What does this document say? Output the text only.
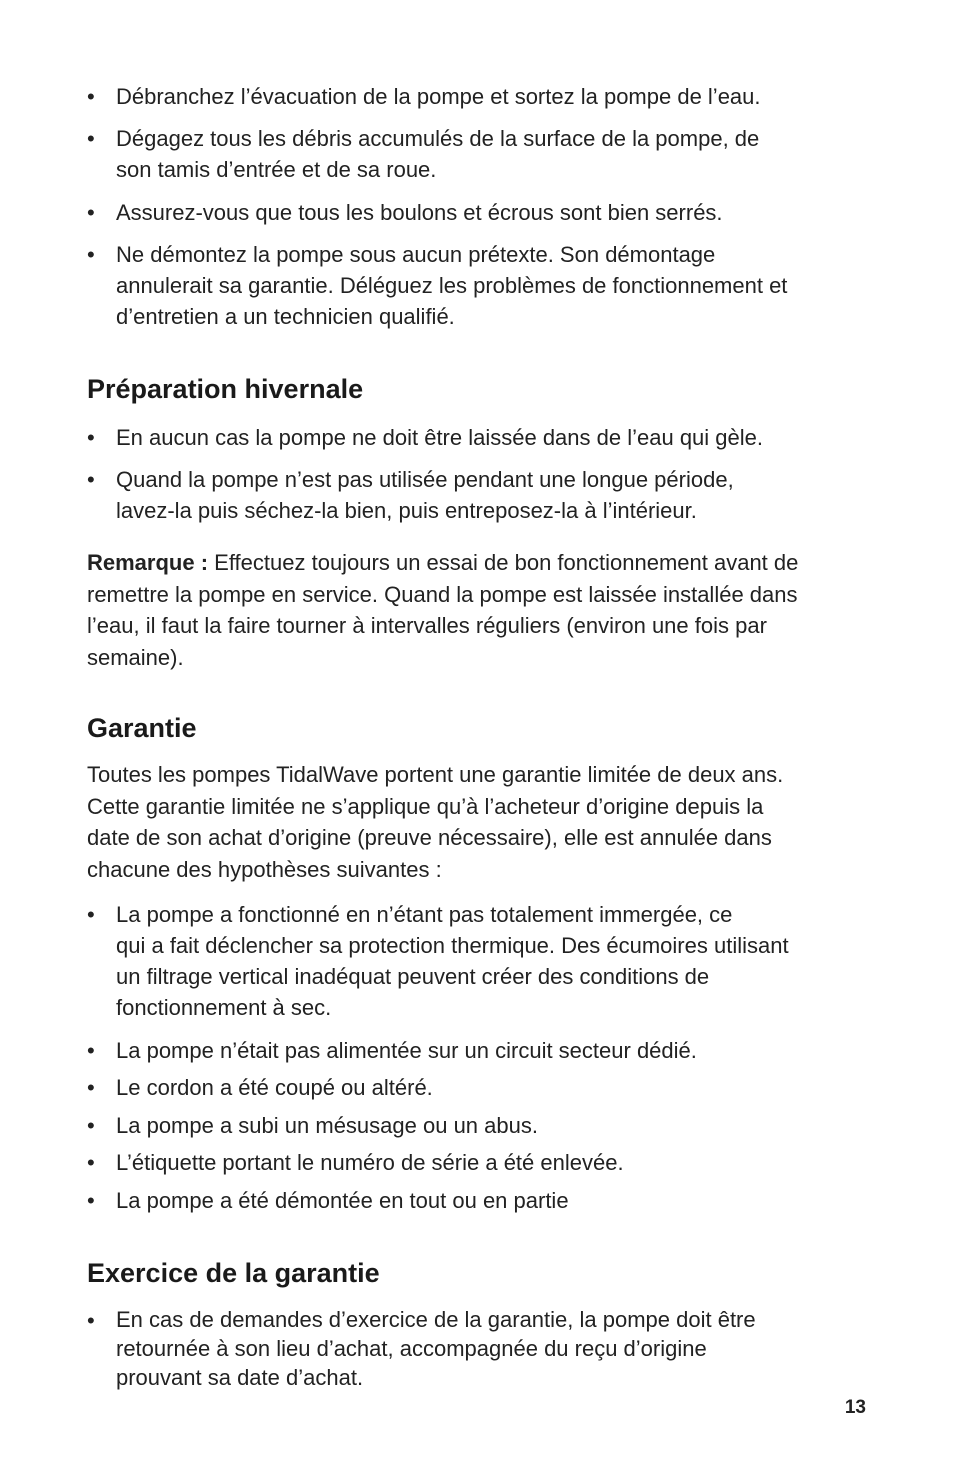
• Débranchez l’évacuation de la pompe et sortez la pompe de l’eau.
• Dégagez tous les débris accumulés de la surface de la pompe, de
son tamis d’entrée et de sa roue.
• Assurez-vous que tous les boulons et écrous sont bien serrés.
• Ne démontez la pompe sous aucun prétexte. Son démontage
annulerait sa garantie. Déléguez les problèmes de fonctionnement et
d’entretien a un technicien qualifié.
Préparation hivernale
• En aucun cas la pompe ne doit être laissée dans de l’eau qui gèle.
• Quand la pompe n’est pas utilisée pendant une longue période,
lavez-la puis séchez-la bien, puis entreposez-la à l’intérieur.
Remarque : Effectuez toujours un essai de bon fonctionnement avant de
remettre la pompe en service. Quand la pompe est laissée installée dans
l’eau, il faut la faire tourner à intervalles réguliers (environ une fois par
semaine).
Garantie
Toutes les pompes TidalWave portent une garantie limitée de deux ans.
Cette garantie limitée ne s’applique qu’à l’acheteur d’origine depuis la
date de son achat d’origine (preuve nécessaire), elle est annulée dans
chacune des hypothèses suivantes :
• La pompe a fonctionné en n’étant pas totalement immergée, ce
qui a fait déclencher sa protection thermique. Des écumoires utilisant
un filtrage vertical inadéquat peuvent créer des conditions de
fonctionnement à sec.
• La pompe n’était pas alimentée sur un circuit secteur dédié.
• Le cordon a été coupé ou altéré.
• La pompe a subi un mésusage ou un abus.
• L’étiquette portant le numéro de série a été enlevée.
• La pompe a été démontée en tout ou en partie
Exercice de la garantie
• En cas de demandes d’exercice de la garantie, la pompe doit être
retournée à son lieu d’achat, accompagnée du reçu d’origine
prouvant sa date d’achat.
13
